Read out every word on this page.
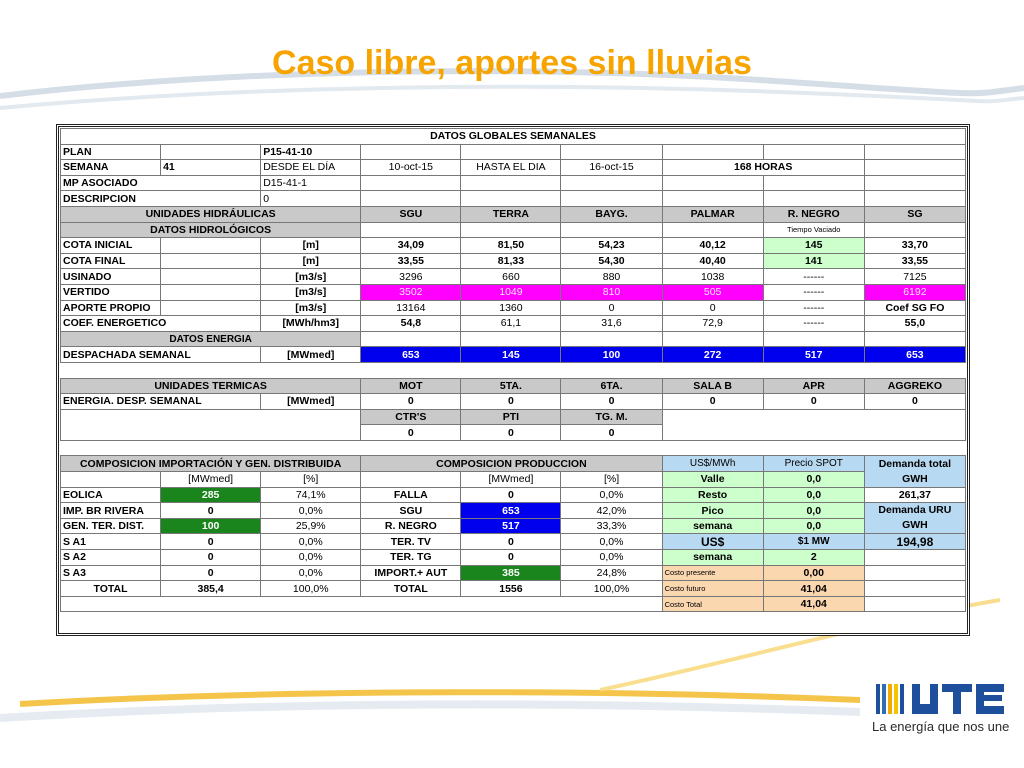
Caso libre, aportes sin lluvias
DATOS GLOBALES SEMANALES								
PLAN		P15-41-10						
SEMANA	41	DESDE EL DÍA	10-oct-15	HASTA EL DIA	16-oct-15	168 HORAS		
MP ASOCIADO		D15-41-1						
DESCRIPCION		0						
UNIDADES HIDRÁULICAS			SGU	TERRA	BAYG.	PALMAR	R. NEGRO	SG
DATOS HIDROLÓGICOS							Tiempo Vaciado	
COTA INICIAL		[m]	34,09	81,50	54,23	40,12	145	33,70
COTA FINAL		[m]	33,55	81,33	54,30	40,40	141	33,55
USINADO		[m3/s]	3296	660	880	1038	------	7125
VERTIDO		[m3/s]	3502	1049	810	505	------	6192
APORTE PROPIO		[m3/s]	13164	1360	0	0	------	Coef SG FO
COEF. ENERGETICO		[MWh/hm3]	54,8	61,1	31,6	72,9	------	55,0
DATOS ENERGIA								
DESPACHADA SEMANAL		[MWmed]	653	145	100	272	517	653

UNIDADES TERMICAS			MOT	5TA.	6TA.	SALA B	APR	AGGREKO
ENERGIA. DESP. SEMANAL		[MWmed]	0	0	0	0	0	0
			CTR'S	PTI	TG. M.			
			0	0	0			

COMPOSICION IMPORTACIÓN Y GEN. DISTRIBUIDA			COMPOSICION PRODUCCION			US$/MWh	Precio SPOT	Demanda total GWH
	[MWmed]	[%]		[MWmed]	[%]	Valle	0,0	
EOLICA	285	74,1%	FALLA	0	0,0%	Resto	0,0	261,37
IMP. BR RIVERA	0	0,0%	SGU	653	42,0%	Pico	0,0	Demanda URU GWH
GEN. TER. DIST.	100	25,9%	R. NEGRO	517	33,3%	semana	0,0	
S A1	0	0,0%	TER. TV	0	0,0%	US$	$1 MW	194,98
S A2	0	0,0%	TER. TG	0	0,0%	semana	2	
S A3	0	0,0%	IMPORT.+ AUT	385	24,8%	Costo presente	0,00	
TOTAL	385,4	100,0%	TOTAL	1556	100,0%	Costo futuro	41,04	
						Costo Total	41,04	
La energía que nos une
